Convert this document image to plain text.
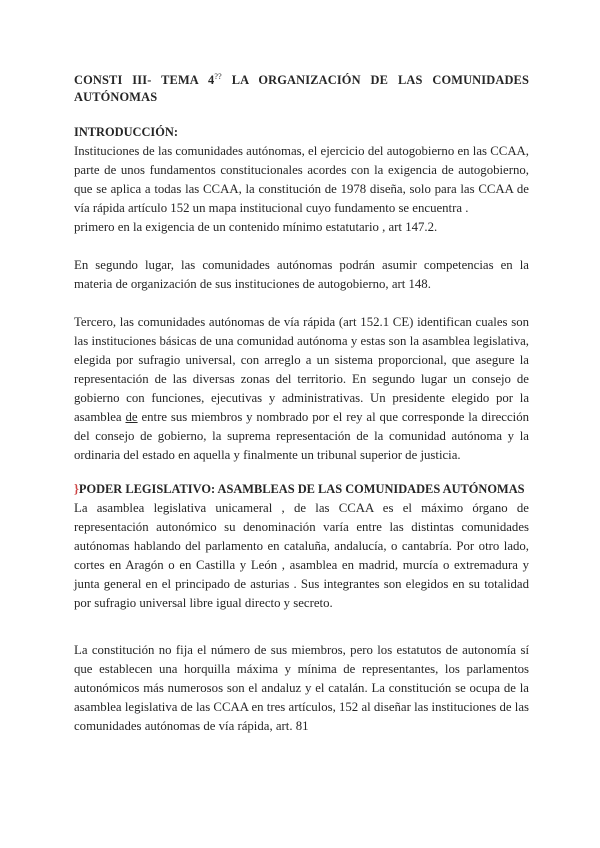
CONSTI III- TEMA 4?? LA ORGANIZACIÓN DE LAS COMUNIDADES AUTÓNOMAS
INTRODUCCIÓN:

Instituciones de las comunidades autónomas, el ejercicio del autogobierno en las CCAA, parte de unos fundamentos constitucionales acordes con la exigencia de autogobierno, que se aplica a todas las CCAA, la constitución de 1978 diseña, solo para las CCAA de vía rápida artículo 152 un mapa institucional cuyo fundamento se encuentra .

primero en la exigencia de un contenido mínimo estatutario , art 147.2.

En segundo lugar, las comunidades autónomas podrán asumir competencias en la materia de organización de sus instituciones de autogobierno, art 148.

Tercero, las comunidades autónomas de vía rápida (art 152.1 CE) identifican cuales son las instituciones básicas de una comunidad autónoma y estas son la asamblea legislativa, elegida por sufragio universal, con arreglo a un sistema proporcional, que asegure la representación de las diversas zonas del territorio. En segundo lugar un consejo de gobierno con funciones, ejecutivas y administrativas. Un presidente elegido por la asamblea de entre sus miembros y nombrado por el rey al que corresponde la dirección del consejo de gobierno, la suprema representación de la comunidad autónoma y la ordinaria del estado en aquella y finalmente un tribunal superior de justicia.

}PODER LEGISLATIVO: ASAMBLEAS DE LAS COMUNIDADES AUTÓNOMAS

La asamblea legislativa unicameral , de las CCAA es el máximo órgano de representación autonómico su denominación varía entre las distintas comunidades autónomas hablando del parlamento en cataluña, andalucía, o cantabría. Por otro lado, cortes en Aragón o en Castilla y León , asamblea en madrid, murcía o extremadura y junta general en el principado de asturias . Sus integrantes son elegidos en su totalidad por sufragio universal libre igual directo y secreto.

La constitución no fija el número de sus miembros, pero los estatutos de autonomía sí que establecen una horquilla máxima y mínima de representantes, los parlamentos autonómicos más numerosos son el andaluz y el catalán. La constitución se ocupa de la asamblea legislativa de las CCAA en tres artículos, 152 al diseñar las instituciones de las comunidades autónomas de vía rápida, art. 81
